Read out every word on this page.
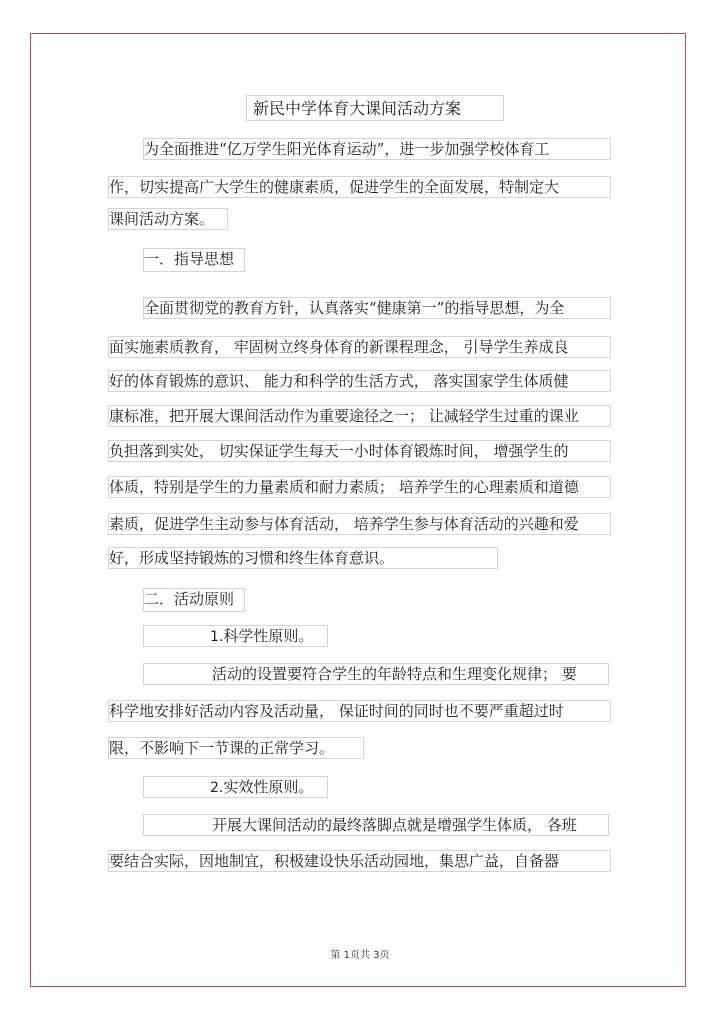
新民中学体育大课间活动方案
为全面推进“亿万学生阳光体育运动”，进一步加强学校体育工
作，切实提高广大学生的健康素质，促进学生的全面发展，特制定大
课间活动方案。
一．指导思想
全面贯彻党的教育方针，认真落实“健康第一”的指导思想，为全
面实施素质教育， 牢固树立终身体育的新课程理念， 引导学生养成良
好的体育锻炼的意识、 能力和科学的生活方式， 落实国家学生体质健
康标准，把开展大课间活动作为重要途径之一； 让减轻学生过重的课业
负担落到实处， 切实保证学生每天一小时体育锻炼时间， 增强学生的
体质，特别是学生的力量素质和耐力素质； 培养学生的心理素质和道德
素质，促进学生主动参与体育活动， 培养学生参与体育活动的兴趣和爱
好，形成坚持锻炼的习惯和终生体育意识。
二．活动原则
1.科学性原则。
活动的设置要符合学生的年龄特点和生理变化规律； 要
科学地安排好活动内容及活动量， 保证时间的同时也不要严重超过时
限，不影响下一节课的正常学习。
2.实效性原则。
开展大课间活动的最终落脚点就是增强学生体质， 各班
要结合实际，因地制宜，积极建设快乐活动园地，集思广益，自备器
第 1页共 3页
